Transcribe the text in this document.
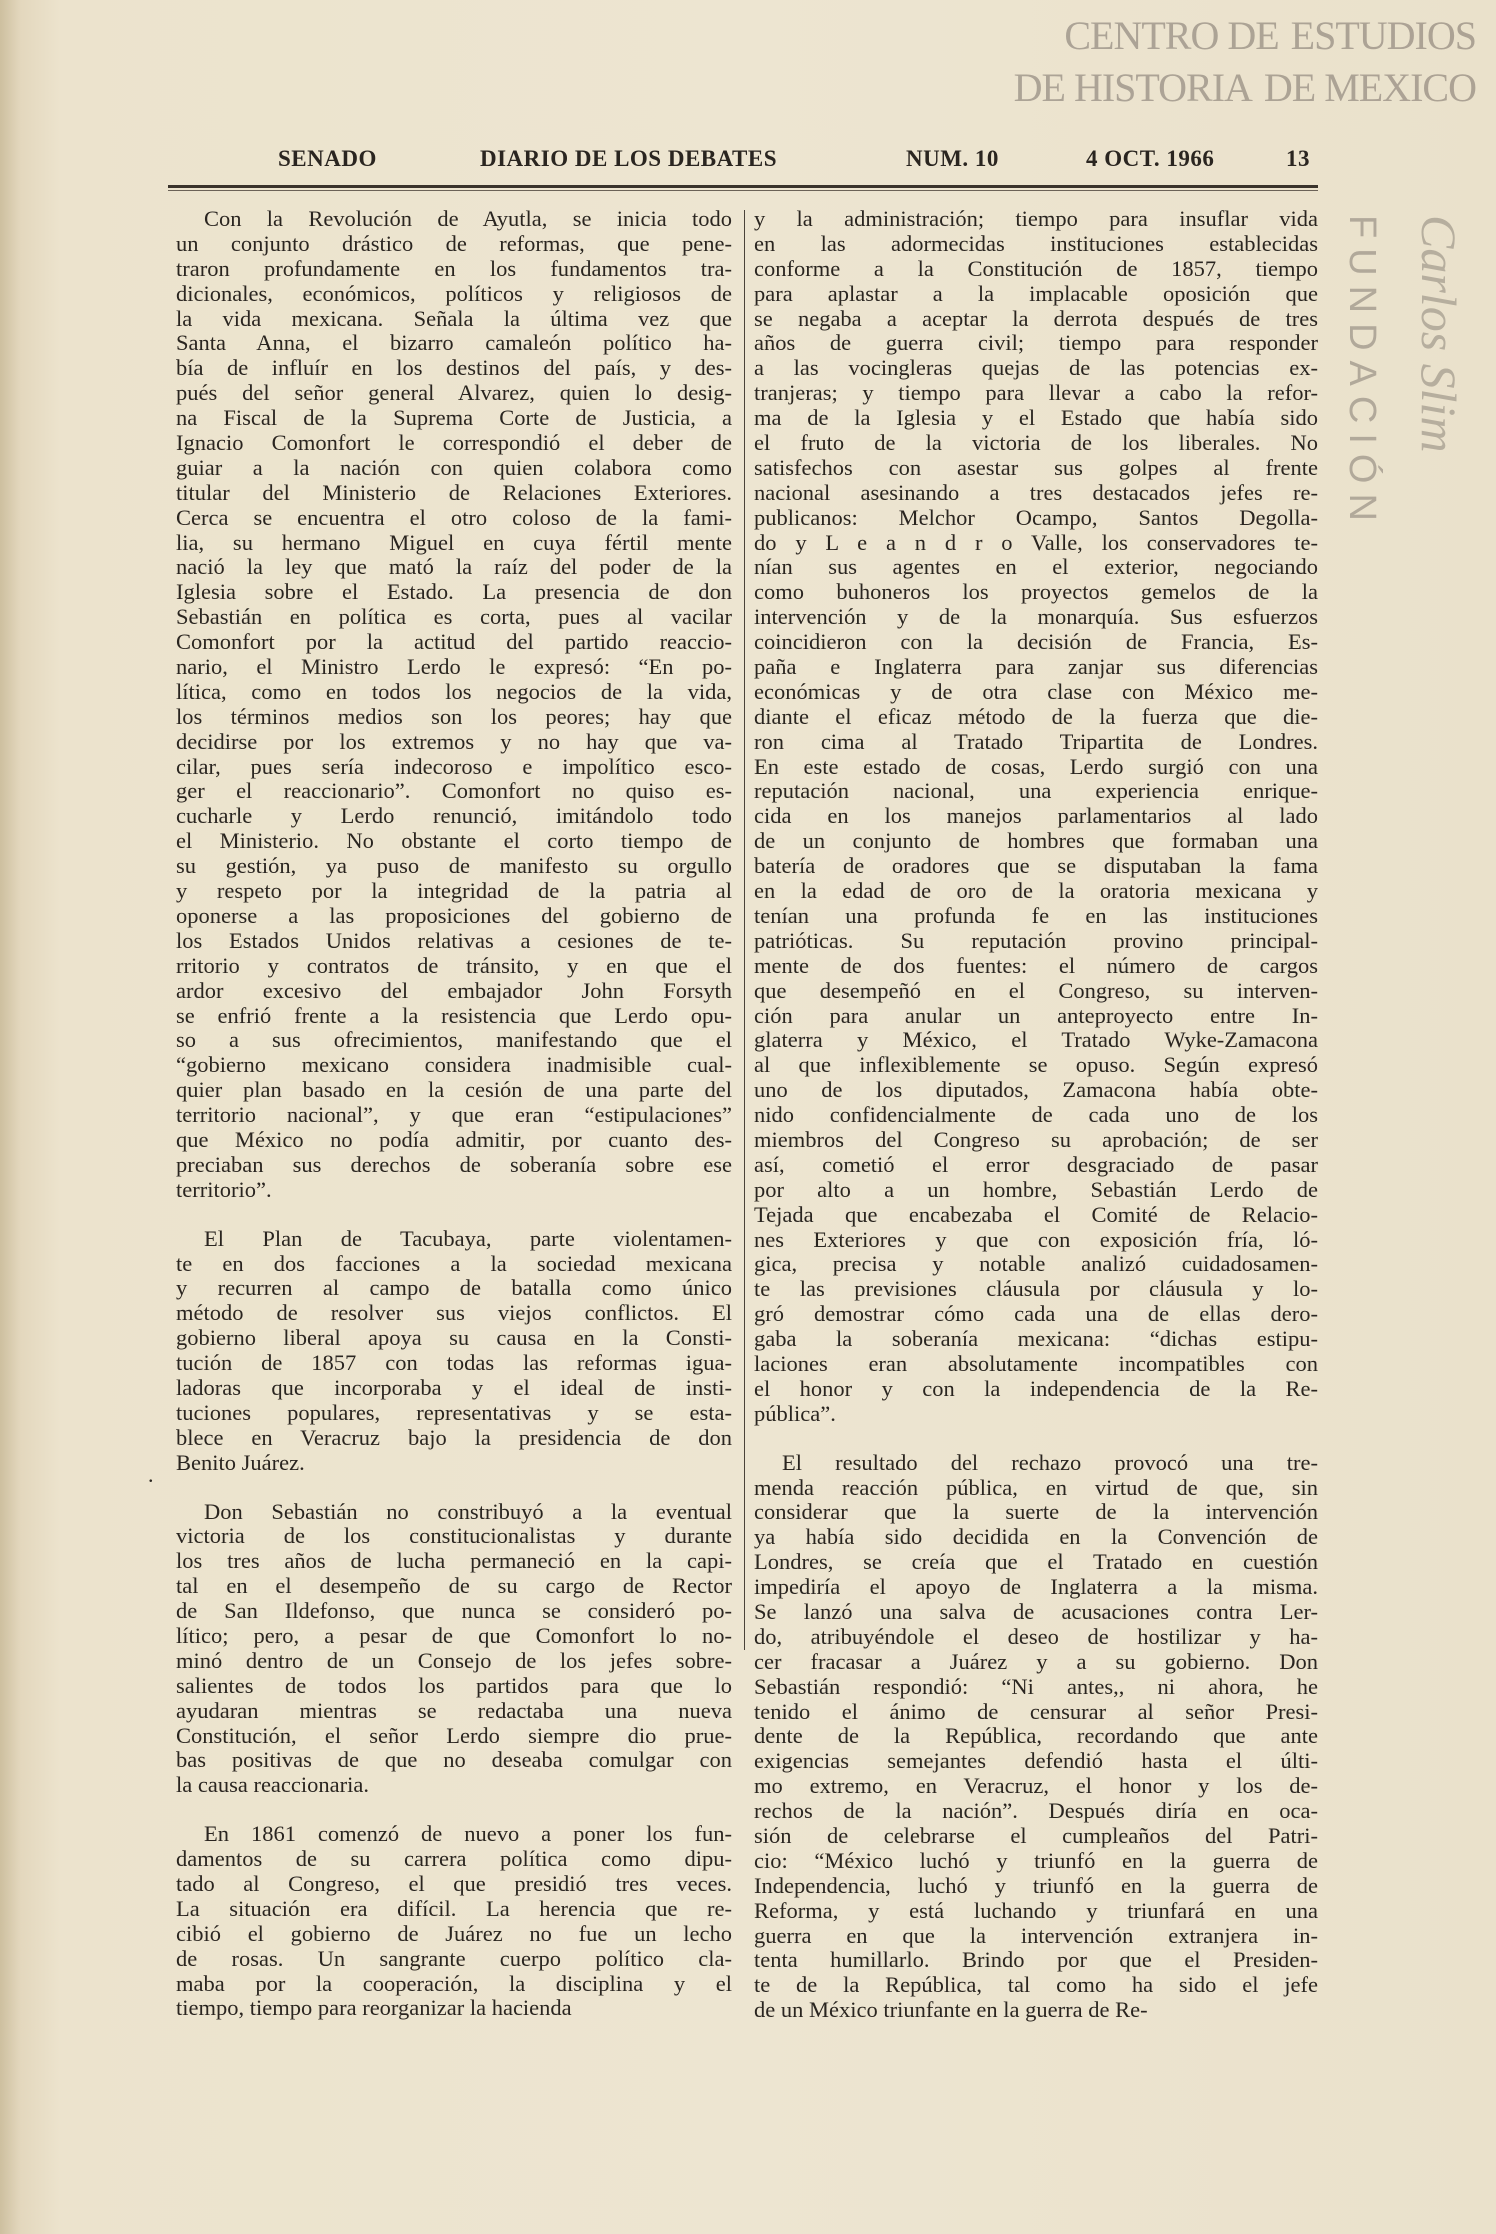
CENTRO DE ESTUDIOS
DE HISTORIA DE MEXICO
FUNDACIÓN Carlos Slim
SENADO	DIARIO DE LOS DEBATES	NUM. 10	4 OCT. 1966	13
Con la Revolución de Ayutla, se inicia todo
un conjunto drástico de reformas, que pene-
traron profundamente en los fundamentos tra-
dicionales, económicos, políticos y religiosos de
la vida mexicana. Señala la última vez que
Santa Anna, el bizarro camaleón político ha-
bía de influír en los destinos del país, y des-
pués del señor general Alvarez, quien lo desig-
na Fiscal de la Suprema Corte de Justicia, a
Ignacio Comonfort le correspondió el deber de
guiar a la nación con quien colabora como
titular del Ministerio de Relaciones Exteriores.
Cerca se encuentra el otro coloso de la fami-
lia, su hermano Miguel en cuya fértil mente
nació la ley que mató la raíz del poder de la
Iglesia sobre el Estado. La presencia de don
Sebastián en política es corta, pues al vacilar
Comonfort por la actitud del partido reaccio-
nario, el Ministro Lerdo le expresó: “En po-
lítica, como en todos los negocios de la vida,
los términos medios son los peores; hay que
decidirse por los extremos y no hay que va-
cilar, pues sería indecoroso e impolítico esco-
ger el reaccionario”. Comonfort no quiso es-
cucharle y Lerdo renunció, imitándolo todo
el Ministerio. No obstante el corto tiempo de
su gestión, ya puso de manifesto su orgullo
y respeto por la integridad de la patria al
oponerse a las proposiciones del gobierno de
los Estados Unidos relativas a cesiones de te-
rritorio y contratos de tránsito, y en que el
ardor excesivo del embajador John Forsyth
se enfrió frente a la resistencia que Lerdo opu-
so a sus ofrecimientos, manifestando que el
“gobierno mexicano considera inadmisible cual-
quier plan basado en la cesión de una parte del
territorio nacional”, y que eran “estipulaciones”
que México no podía admitir, por cuanto des-
preciaban sus derechos de soberanía sobre ese
territorio”.
El Plan de Tacubaya, parte violentamen-
te en dos facciones a la sociedad mexicana
y recurren al campo de batalla como único
método de resolver sus viejos conflictos. El
gobierno liberal apoya su causa en la Consti-
tución de 1857 con todas las reformas igua-
ladoras que incorporaba y el ideal de insti-
tuciones populares, representativas y se esta-
blece en Veracruz bajo la presidencia de don
Benito Juárez.
Don Sebastián no constribuyó a la eventual
victoria de los constitucionalistas y durante
los tres años de lucha permaneció en la capi-
tal en el desempeño de su cargo de Rector
de San Ildefonso, que nunca se consideró po-
lítico; pero, a pesar de que Comonfort lo no-
minó dentro de un Consejo de los jefes sobre-
salientes de todos los partidos para que lo
ayudaran mientras se redactaba una nueva
Constitución, el señor Lerdo siempre dio prue-
bas positivas de que no deseaba comulgar con
la causa reaccionaria.
En 1861 comenzó de nuevo a poner los fun-
damentos de su carrera política como dipu-
tado al Congreso, el que presidió tres veces.
La situación era difícil. La herencia que re-
cibió el gobierno de Juárez no fue un lecho
de rosas. Un sangrante cuerpo político cla-
maba por la cooperación, la disciplina y el
tiempo, tiempo para reorganizar la hacienda
y la administración; tiempo para insuflar vida
en las adormecidas instituciones establecidas
conforme a la Constitución de 1857, tiempo
para aplastar a la implacable oposición que
se negaba a aceptar la derrota después de tres
años de guerra civil; tiempo para responder
a las vocingleras quejas de las potencias ex-
tranjeras; y tiempo para llevar a cabo la refor-
ma de la Iglesia y el Estado que había sido
el fruto de la victoria de los liberales. No
satisfechos con asestar sus golpes al frente
nacional asesinando a tres destacados jefes re-
publicanos: Melchor Ocampo, Santos Degolla-
do y L e a n d r o Valle, los conservadores te-
nían sus agentes en el exterior, negociando
como buhoneros los proyectos gemelos de la
intervención y de la monarquía. Sus esfuerzos
coincidieron con la decisión de Francia, Es-
paña e Inglaterra para zanjar sus diferencias
económicas y de otra clase con México me-
diante el eficaz método de la fuerza que die-
ron cima al Tratado Tripartita de Londres.
En este estado de cosas, Lerdo surgió con una
reputación nacional, una experiencia enrique-
cida en los manejos parlamentarios al lado
de un conjunto de hombres que formaban una
batería de oradores que se disputaban la fama
en la edad de oro de la oratoria mexicana y
tenían una profunda fe en las instituciones
patrióticas. Su reputación provino principal-
mente de dos fuentes: el número de cargos
que desempeñó en el Congreso, su interven-
ción para anular un anteproyecto entre In-
glaterra y México, el Tratado Wyke-Zamacona
al que inflexiblemente se opuso. Según expresó
uno de los diputados, Zamacona había obte-
nido confidencialmente de cada uno de los
miembros del Congreso su aprobación; de ser
así, cometió el error desgraciado de pasar
por alto a un hombre, Sebastián Lerdo de
Tejada que encabezaba el Comité de Relacio-
nes Exteriores y que con exposición fría, ló-
gica, precisa y notable analizó cuidadosamen-
te las previsiones cláusula por cláusula y lo-
gró demostrar cómo cada una de ellas dero-
gaba la soberanía mexicana: “dichas estipu-
laciones eran absolutamente incompatibles con
el honor y con la independencia de la Re-
pública”.
El resultado del rechazo provocó una tre-
menda reacción pública, en virtud de que, sin
considerar que la suerte de la intervención
ya había sido decidida en la Convención de
Londres, se creía que el Tratado en cuestión
impediría el apoyo de Inglaterra a la misma.
Se lanzó una salva de acusaciones contra Ler-
do, atribuyéndole el deseo de hostilizar y ha-
cer fracasar a Juárez y a su gobierno. Don
Sebastián respondió: “Ni antes,, ni ahora, he
tenido el ánimo de censurar al señor Presi-
dente de la República, recordando que ante
exigencias semejantes defendió hasta el últi-
mo extremo, en Veracruz, el honor y los de-
rechos de la nación”. Después diría en oca-
sión de celebrarse el cumpleaños del Patri-
cio: “México luchó y triunfó en la guerra de
Independencia, luchó y triunfó en la guerra de
Reforma, y está luchando y triunfará en una
guerra en que la intervención extranjera in-
tenta humillarlo. Brindo por que el Presiden-
te de la República, tal como ha sido el jefe
de un México triunfante en la guerra de Re-
.
